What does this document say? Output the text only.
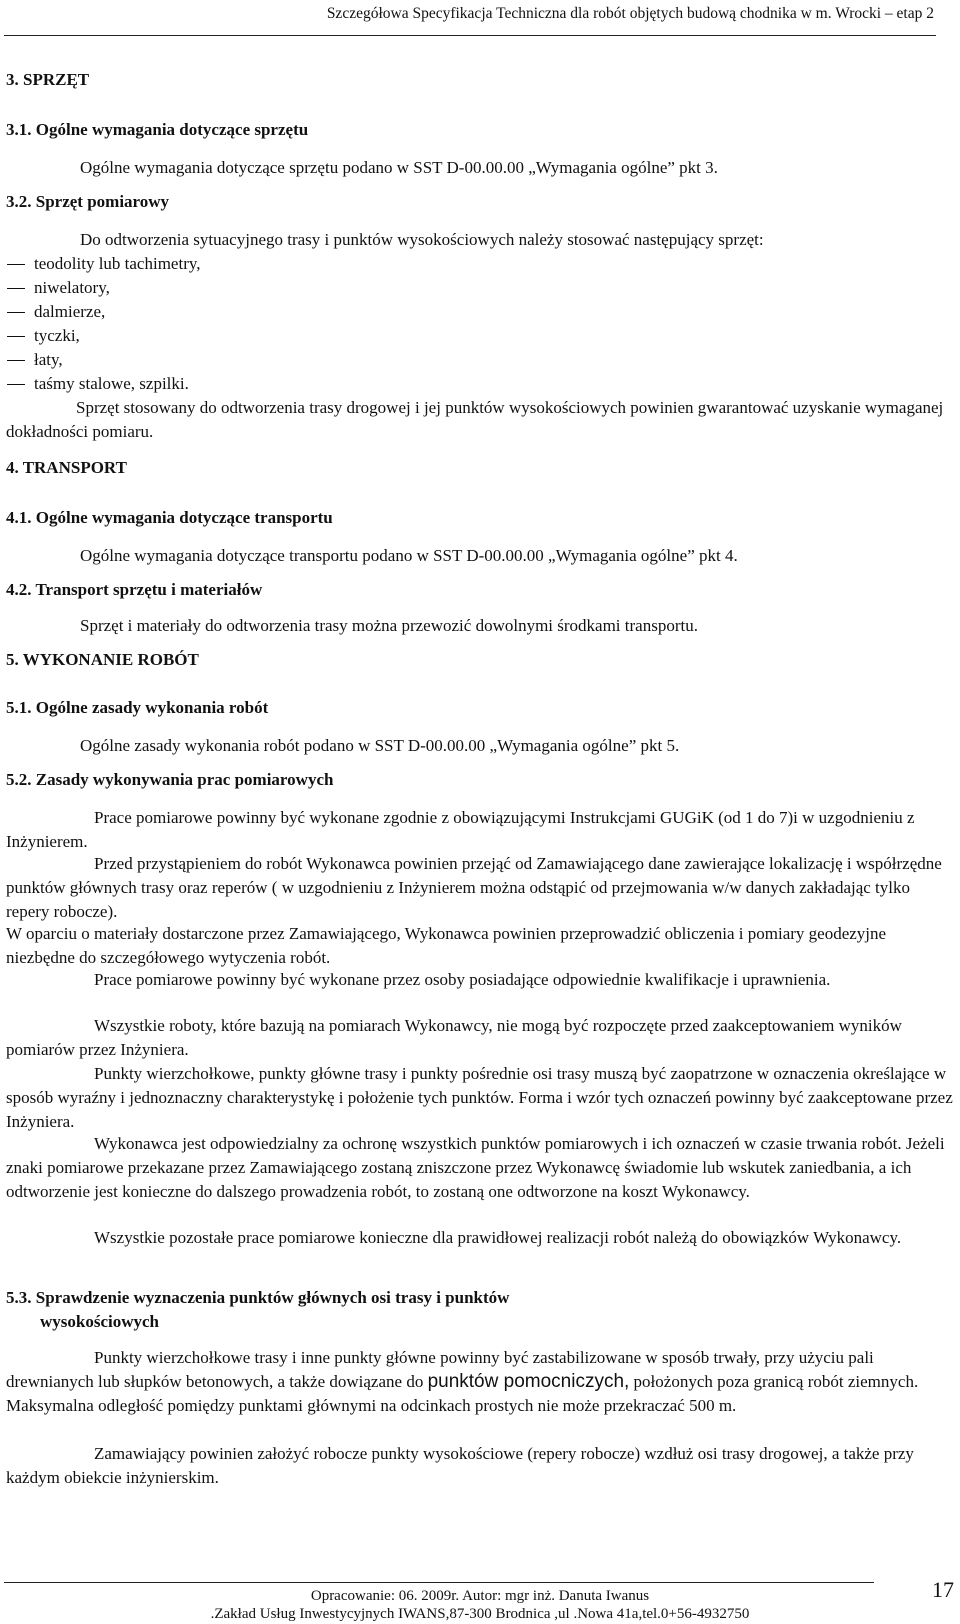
Szczegółowa Specyfikacja Techniczna dla robót objętych budową chodnika w m. Wrocki – etap 2
3. SPRZĘT
3.1. Ogólne wymagania dotyczące sprzętu
Ogólne wymagania dotyczące sprzętu podano w SST D-00.00.00 „Wymagania ogólne” pkt 3.
3.2. Sprzęt pomiarowy
Do odtworzenia sytuacyjnego trasy i punktów wysokościowych należy stosować następujący sprzęt:
teodolity lub tachimetry,
niwelatory,
dalmierze,
tyczki,
łaty,
taśmy stalowe, szpilki.
Sprzęt stosowany do odtworzenia trasy drogowej i jej punktów wysokościowych powinien gwarantować uzyskanie wymaganej dokładności pomiaru.
4. TRANSPORT
4.1. Ogólne wymagania dotyczące transportu
Ogólne wymagania dotyczące transportu podano w SST D-00.00.00 „Wymagania ogólne” pkt 4.
4.2. Transport sprzętu i materiałów
Sprzęt i materiały do odtworzenia trasy można przewozić dowolnymi środkami transportu.
5. WYKONANIE ROBÓT
5.1. Ogólne zasady wykonania robót
Ogólne zasady wykonania robót podano w SST D-00.00.00 „Wymagania ogólne” pkt 5.
5.2. Zasady wykonywania prac pomiarowych
Prace pomiarowe powinny być wykonane zgodnie z obowiązującymi Instrukcjami GUGiK (od 1 do 7)i w uzgodnieniu z Inżynierem.
Przed przystąpieniem do robót Wykonawca powinien przejąć od Zamawiającego dane zawierające lokalizację i współrzędne punktów głównych trasy oraz reperów ( w uzgodnieniu z Inżynierem można odstąpić od przejmowania w/w danych zakładając tylko repery robocze).
W oparciu o materiały dostarczone przez Zamawiającego, Wykonawca powinien przeprowadzić obliczenia i pomiary geodezyjne niezbędne do szczegółowego wytyczenia robót.
Prace pomiarowe powinny być wykonane przez osoby posiadające odpowiednie kwalifikacje i uprawnienia.
Wszystkie roboty, które bazują na pomiarach Wykonawcy, nie mogą być rozpoczęte przed zaakceptowaniem wyników pomiarów przez Inżyniera.
Punkty wierzchołkowe, punkty główne trasy i punkty pośrednie osi trasy muszą być zaopatrzone w oznaczenia określające w sposób wyraźny i jednoznaczny charakterystykę i położenie tych punktów. Forma i wzór tych oznaczeń powinny być zaakceptowane przez Inżyniera.
Wykonawca jest odpowiedzialny za ochronę wszystkich punktów pomiarowych i ich oznaczeń w czasie trwania robót. Jeżeli znaki pomiarowe przekazane przez Zamawiającego zostaną zniszczone przez Wykonawcę świadomie lub wskutek zaniedbania, a ich odtworzenie jest konieczne do dalszego prowadzenia robót, to zostaną one odtworzone na koszt Wykonawcy.
Wszystkie pozostałe prace pomiarowe konieczne dla prawidłowej realizacji robót należą do obowiązków Wykonawcy.
5.3. Sprawdzenie wyznaczenia punktów głównych osi trasy i punktów
wysokościowych
Punkty wierzchołkowe trasy i inne punkty główne powinny być zastabilizowane w sposób trwały, przy użyciu pali drewnianych lub słupków betonowych, a także dowiązane do punktów pomocniczych, położonych poza granicą robót ziemnych. Maksymalna odległość pomiędzy punktami głównymi na odcinkach prostych nie może przekraczać 500 m.
Zamawiający powinien założyć robocze punkty wysokościowe (repery robocze) wzdłuż osi trasy drogowej, a także przy każdym obiekcie inżynierskim.
Opracowanie: 06. 2009r. Autor: mgr inż. Danuta Iwanus
.Zakład Usług Inwestycyjnych IWANS,87-300 Brodnica ,ul .Nowa 41a,tel.0+56-4932750
17
